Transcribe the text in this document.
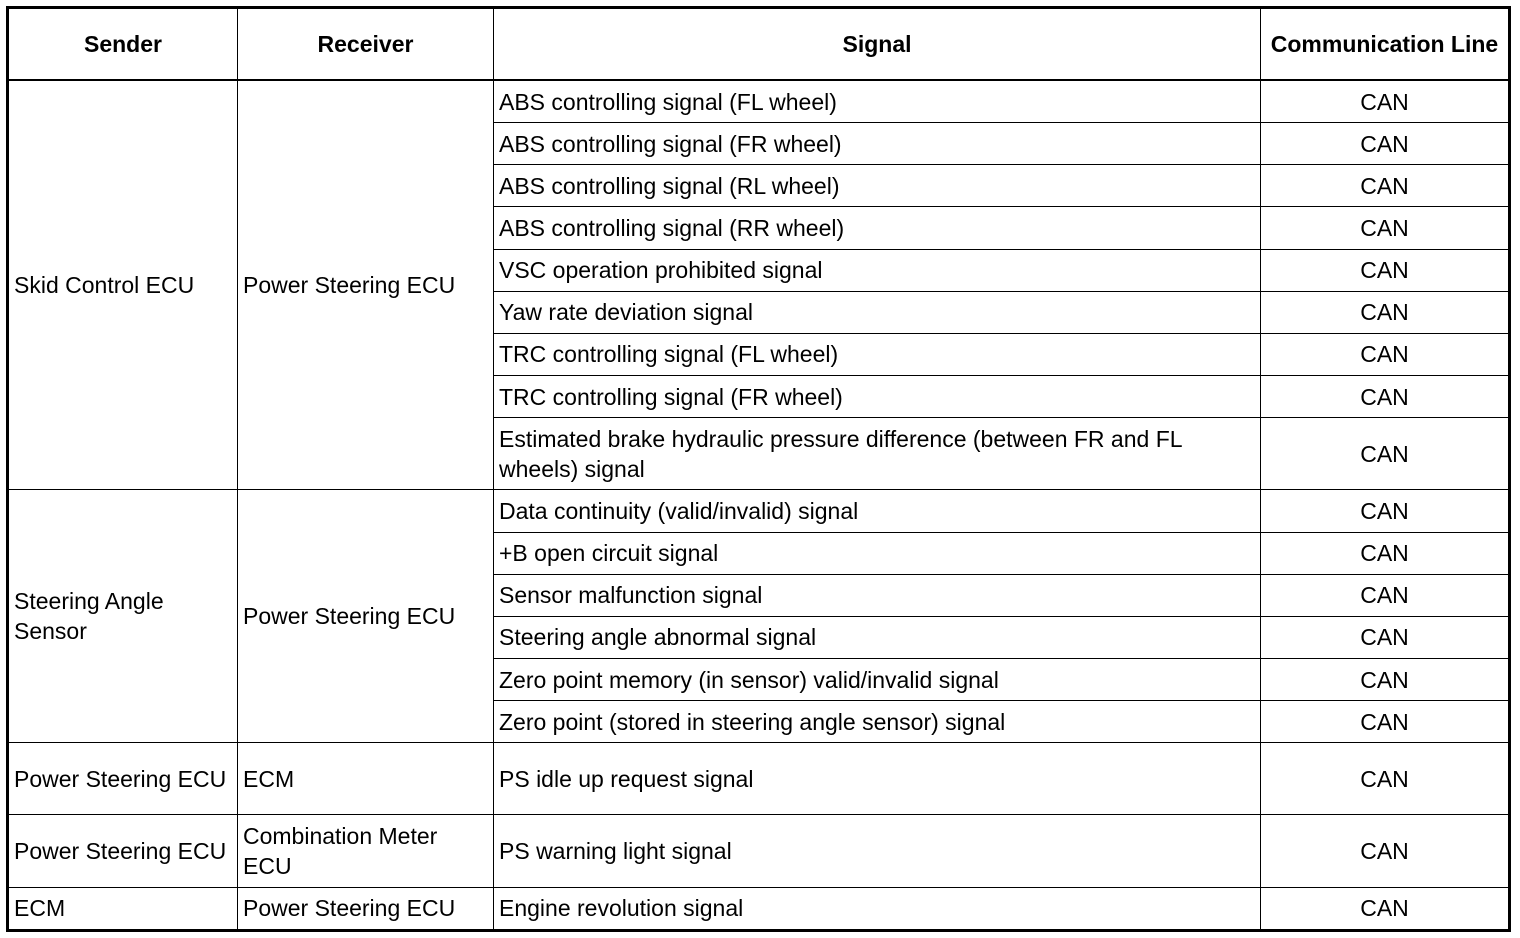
Sender	Receiver	Signal	Communication Line
Skid Control ECU	Power Steering ECU	ABS controlling signal (FL wheel)	CAN
		ABS controlling signal (FR wheel)	CAN
		ABS controlling signal (RL wheel)	CAN
		ABS controlling signal (RR wheel)	CAN
		VSC operation prohibited signal	CAN
		Yaw rate deviation signal	CAN
		TRC controlling signal (FL wheel)	CAN
		TRC controlling signal (FR wheel)	CAN
		Estimated brake hydraulic pressure difference (between FR and FL wheels) signal	CAN
Steering Angle Sensor	Power Steering ECU	Data continuity (valid/invalid) signal	CAN
		+B open circuit signal	CAN
		Sensor malfunction signal	CAN
		Steering angle abnormal signal	CAN
		Zero point memory (in sensor) valid/invalid signal	CAN
		Zero point (stored in steering angle sensor) signal	CAN
Power Steering ECU	ECM	PS idle up request signal	CAN
Power Steering ECU	Combination Meter ECU	PS warning light signal	CAN
ECM	Power Steering ECU	Engine revolution signal	CAN
